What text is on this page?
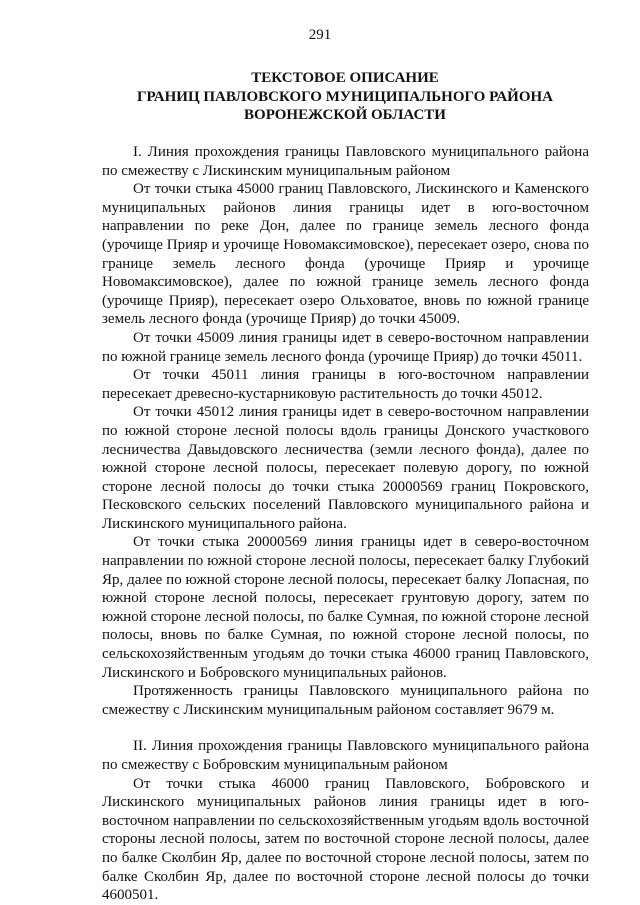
291
ТЕКСТОВОЕ ОПИСАНИЕ
ГРАНИЦ ПАВЛОВСКОГО МУНИЦИПАЛЬНОГО РАЙОНА
ВОРОНЕЖСКОЙ ОБЛАСТИ

I. Линия прохождения границы Павловского муниципального района по смежеству с Лискинским муниципальным районом

От точки стыка 45000 границ Павловского, Лискинского и Каменского муниципальных районов линия границы идет в юго-восточном направлении по реке Дон, далее по границе земель лесного фонда (урочище Прияр и урочище Новомаксимовское), пересекает озеро, снова по границе земель лесного фонда (урочище Прияр и урочище Новомаксимовское), далее по южной границе земель лесного фонда (урочище Прияр), пересекает озеро Ольховатое, вновь по южной границе земель лесного фонда (урочище Прияр) до точки 45009.

От точки 45009 линия границы идет в северо-восточном направлении по южной границе земель лесного фонда (урочище Прияр) до точки 45011.

От точки 45011 линия границы в юго-восточном направлении пересекает древесно-кустарниковую растительность до точки 45012.

От точки 45012 линия границы идет в северо-восточном направлении по южной стороне лесной полосы вдоль границы Донского участкового лесничества Давыдовского лесничества (земли лесного фонда), далее по южной стороне лесной полосы, пересекает полевую дорогу, по южной стороне лесной полосы до точки стыка 20000569 границ Покровского, Песковского сельских поселений Павловского муниципального района и Лискинского муниципального района.

От точки стыка 20000569 линия границы идет в северо-восточном направлении по южной стороне лесной полосы, пересекает балку Глубокий Яр, далее по южной стороне лесной полосы, пересекает балку Лопасная, по южной стороне лесной полосы, пересекает грунтовую дорогу, затем по южной стороне лесной полосы, по балке Сумная, по южной стороне лесной полосы, вновь по балке Сумная, по южной стороне лесной полосы, по сельскохозяйственным угодьям до точки стыка 46000 границ Павловского, Лискинского и Бобровского муниципальных районов.

Протяженность границы Павловского муниципального района по смежеству с Лискинским муниципальным районом составляет 9679 м.

II. Линия прохождения границы Павловского муниципального района по смежеству с Бобровским муниципальным районом

От точки стыка 46000 границ Павловского, Бобровского и Лискинского муниципальных районов линия границы идет в юго-восточном направлении по сельскохозяйственным угодьям вдоль восточной стороны лесной полосы, затем по восточной стороне лесной полосы, далее по балке Сколбин Яр, далее по восточной стороне лесной полосы, затем по балке Сколбин Яр, далее по восточной стороне лесной полосы до точки 4600501.
